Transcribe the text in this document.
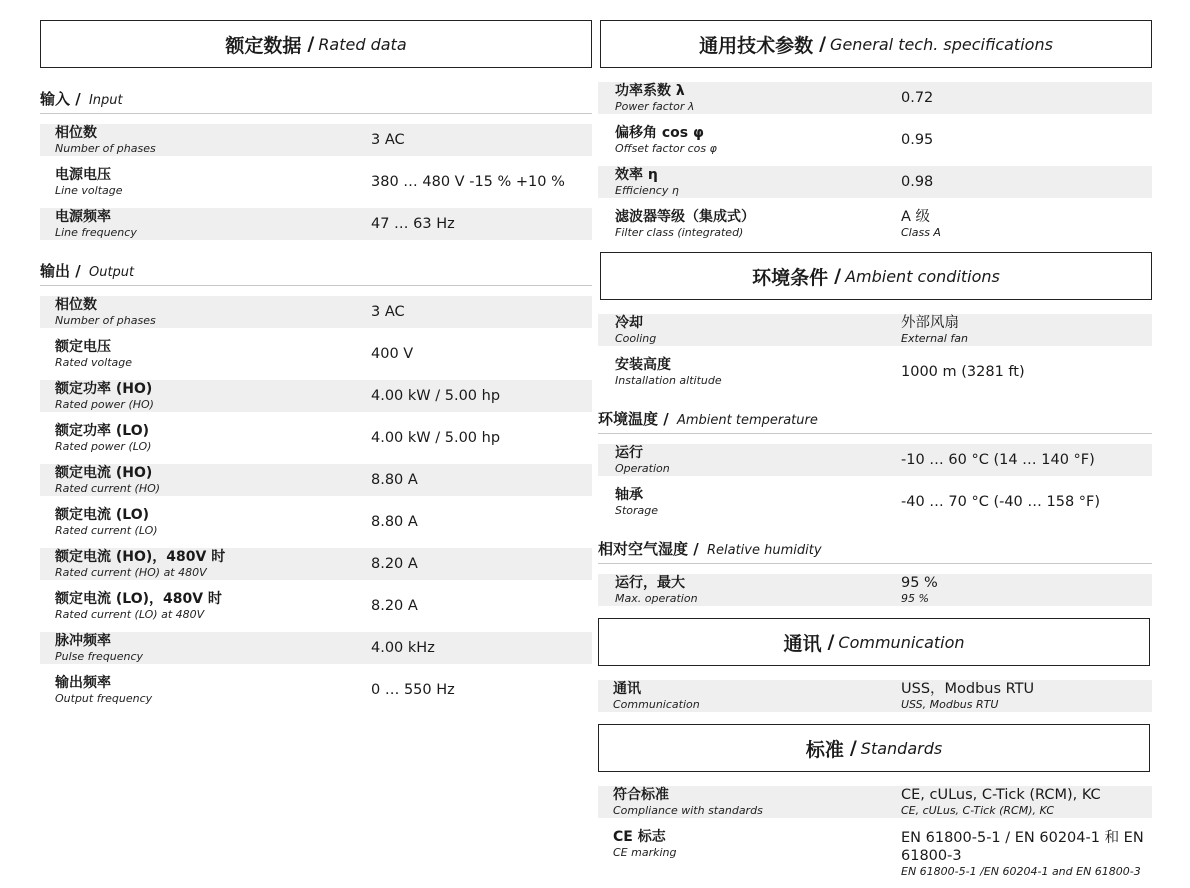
额定数据 / Rated data
输入 / Input
相位数
Number of phases
3 AC
电源电压
Line voltage
380 … 480 V -15 % +10 %
电源频率
Line frequency
47 … 63 Hz
输出 / Output
相位数
Number of phases
3 AC
额定电压
Rated voltage
400 V
额定功率 (HO)
Rated power (HO)
4.00 kW / 5.00 hp
额定功率 (LO)
Rated power (LO)
4.00 kW / 5.00 hp
额定电流 (HO)
Rated current (HO)
8.80 A
额定电流 (LO)
Rated current (LO)
8.80 A
额定电流 (HO)，480V 时
Rated current (HO) at 480V
8.20 A
额定电流 (LO)，480V 时
Rated current (LO) at 480V
8.20 A
脉冲频率
Pulse frequency
4.00 kHz
输出频率
Output frequency
0 … 550 Hz
通用技术参数 / General tech. specifications
功率系数 λ
Power factor λ
0.72
偏移角 cos φ
Offset factor cos φ
0.95
效率 η
Efficiency η
0.98
滤波器等级（集成式）
Filter class (integrated)
A 级
Class A
环境条件 / Ambient conditions
冷却
Cooling
外部风扇
External fan
安装高度
Installation altitude
1000 m (3281 ft)
环境温度 / Ambient temperature
运行
Operation
-10 … 60 °C (14 … 140 °F)
轴承
Storage
-40 … 70 °C (-40 … 158 °F)
相对空气湿度 / Relative humidity
运行，最大
Max. operation
95 %
95 %
通讯 / Communication
通讯
Communication
USS，Modbus RTU
USS, Modbus RTU
标准 / Standards
符合标准
Compliance with standards
CE, cULus, C-Tick (RCM), KC
CE, cULus, C-Tick (RCM), KC
CE 标志
CE marking
EN 61800-5-1 / EN 60204-1 和 EN 61800-3
EN 61800-5-1 /EN 60204-1 and EN 61800-3
